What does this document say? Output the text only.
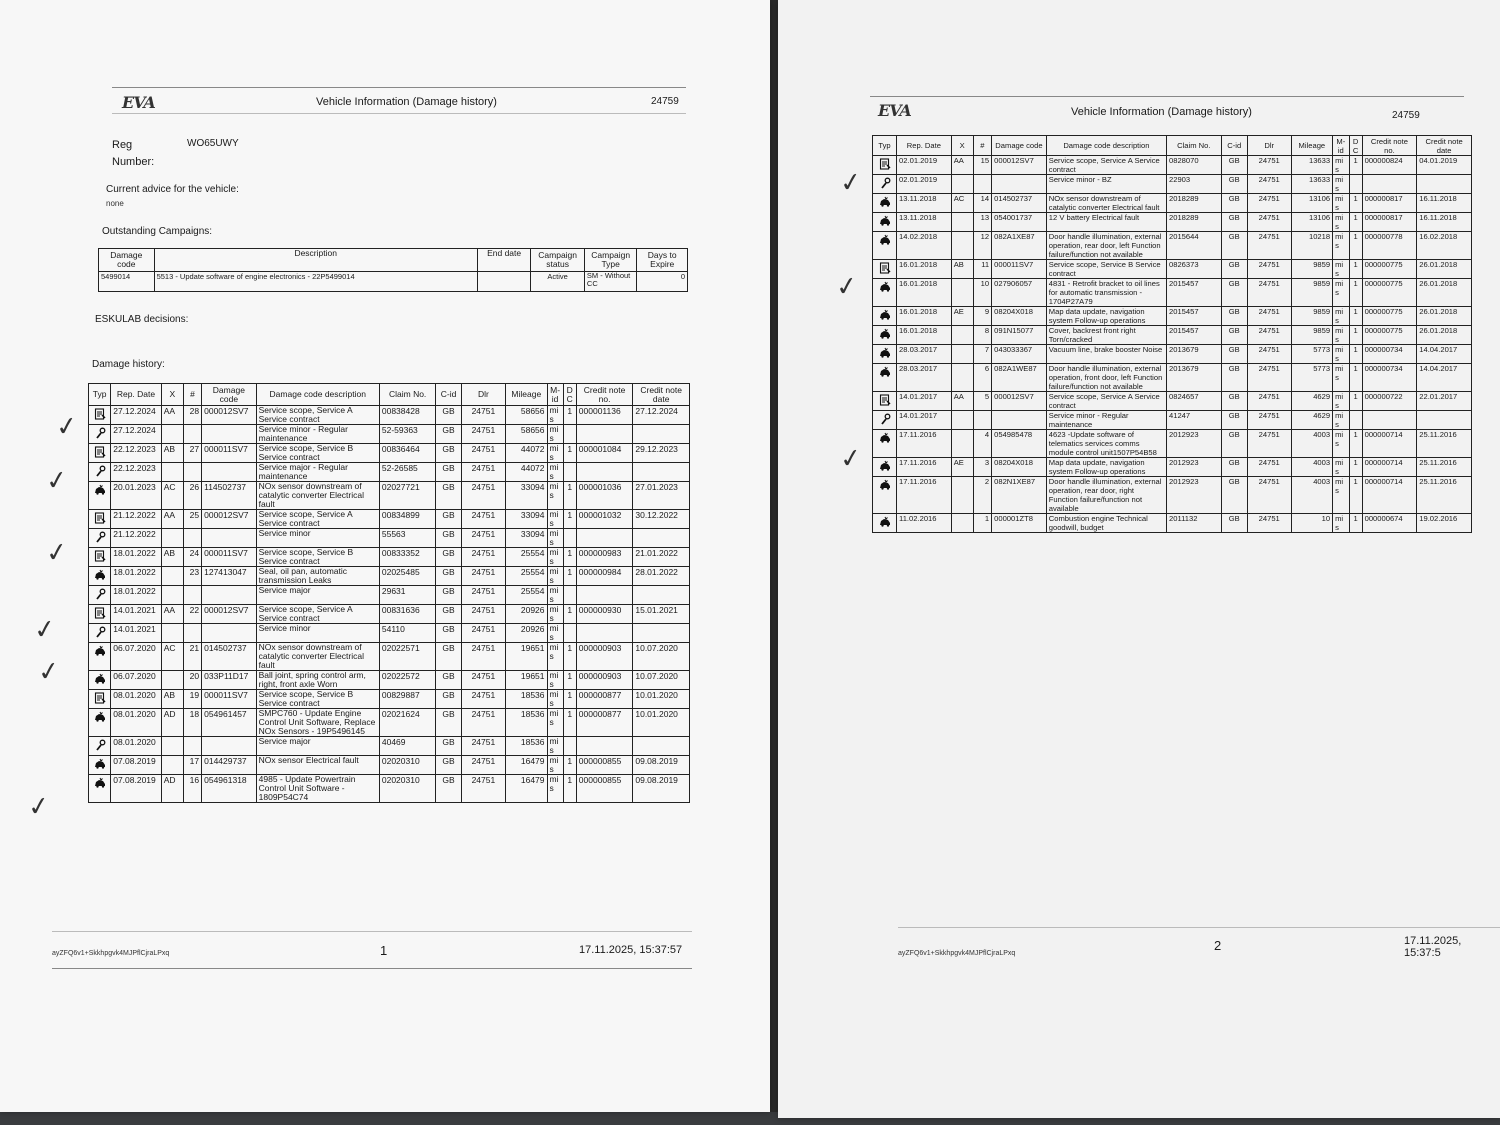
EVA	Vehicle Information (Damage history)	24759
Reg
Number:
WO65UWY
Current advice for the vehicle:
none
Outstanding Campaigns:
Damage code	Description	End date	Campaign status	Campaign Type	Days to Expire
5499014	5513 - Update software of engine electronics - 22P5499014		Active	SM - Without CC	0
ESKULAB decisions:
Damage history:
Typ	Rep. Date	X	#	Damage code	Damage code description	Claim No.	C-id	Dlr	Mileage	M-id	D C	Credit note no.	Credit note date

	27.12.2024	AA	28	000012SV7	Service scope, Service A Service contract	00838428	GB	24751	58656	mi s	1	000001136	27.12.2024

	27.12.2024				Service minor - Regular maintenance	52-59363	GB	24751	58656	mi s			

	22.12.2023	AB	27	000011SV7	Service scope, Service B Service contract	00836464	GB	24751	44072	mi s	1	000001084	29.12.2023

	22.12.2023				Service major - Regular maintenance	52-26585	GB	24751	44072	mi s			

	20.01.2023	AC	26	114502737	NOx sensor downstream of catalytic converter Electrical fault	02027721	GB	24751	33094	mi s	1	000001036	27.01.2023

	21.12.2022	AA	25	000012SV7	Service scope, Service A Service contract	00834899	GB	24751	33094	mi s	1	000001032	30.12.2022

	21.12.2022				Service minor	55563	GB	24751	33094	mi s			

	18.01.2022	AB	24	000011SV7	Service scope, Service B Service contract	00833352	GB	24751	25554	mi s	1	000000983	21.01.2022

	18.01.2022		23	127413047	Seal, oil pan, automatic transmission Leaks	02025485	GB	24751	25554	mi s	1	000000984	28.01.2022

	18.01.2022				Service major	29631	GB	24751	25554	mi s			

	14.01.2021	AA	22	000012SV7	Service scope, Service A Service contract	00831636	GB	24751	20926	mi s	1	000000930	15.01.2021

	14.01.2021				Service minor	54110	GB	24751	20926	mi s			

	06.07.2020	AC	21	014502737	NOx sensor downstream of catalytic converter Electrical fault	02022571	GB	24751	19651	mi s	1	000000903	10.07.2020

	06.07.2020		20	033P11D17	Ball joint, spring control arm, right, front axle Worn	02022572	GB	24751	19651	mi s	1	000000903	10.07.2020

	08.01.2020	AB	19	000011SV7	Service scope, Service B Service contract	00829887	GB	24751	18536	mi s	1	000000877	10.01.2020

	08.01.2020	AD	18	054961457	SMPC760 - Update Engine Control Unit Software, Replace NOx Sensors - 19P5496145	02021624	GB	24751	18536	mi s	1	000000877	10.01.2020

	08.01.2020				Service major	40469	GB	24751	18536	mi s			

	07.08.2019		17	014429737	NOx sensor Electrical fault	02020310	GB	24751	16479	mi s	1	000000855	09.08.2019

	07.08.2019	AD	16	054961318	4985 - Update Powertrain Control Unit Software - 1809P54C74	02020310	GB	24751	16479	mi s	1	000000855	09.08.2019
✓
✓
✓
✓
✓
✓
ayZFQ6v1+Skkhpgvk4MJPflCjraLPxq	1	17.11.2025, 15:37:57
EVA	Vehicle Information (Damage history)	24759
Typ	Rep. Date	X	#	Damage code	Damage code description	Claim No.	C-id	Dlr	Mileage	M-id	D C	Credit note no.	Credit note date

	02.01.2019	AA	15	000012SV7	Service scope, Service A Service contract	0828070	GB	24751	13633	mi s	1	000000824	04.01.2019

	02.01.2019				Service minor - BZ	22903	GB	24751	13633	mi s			

	13.11.2018	AC	14	014502737	NOx sensor downstream of catalytic converter Electrical fault	2018289	GB	24751	13106	mi s	1	000000817	16.11.2018

	13.11.2018		13	054001737	12 V battery Electrical fault	2018289	GB	24751	13106	mi s	1	000000817	16.11.2018

	14.02.2018		12	082A1XE87	Door handle illumination, external operation, rear door, left Function failure/function not available	2015644	GB	24751	10218	mi s	1	000000778	16.02.2018

	16.01.2018	AB	11	000011SV7	Service scope, Service B Service contract	0826373	GB	24751	9859	mi s	1	000000775	26.01.2018

	16.01.2018		10	027906057	4831 - Retrofit bracket to oil lines for automatic transmission - 1704P27A79	2015457	GB	24751	9859	mi s	1	000000775	26.01.2018

	16.01.2018	AE	9	08204X018	Map data update, navigation system Follow-up operations	2015457	GB	24751	9859	mi s	1	000000775	26.01.2018

	16.01.2018		8	091N15077	Cover, backrest front right Torn/cracked	2015457	GB	24751	9859	mi s	1	000000775	26.01.2018

	28.03.2017		7	043033367	Vacuum line, brake booster Noise	2013679	GB	24751	5773	mi s	1	000000734	14.04.2017

	28.03.2017		6	082A1WE87	Door handle illumination, external operation, front door, left Function failure/function not available	2013679	GB	24751	5773	mi s	1	000000734	14.04.2017

	14.01.2017	AA	5	000012SV7	Service scope, Service A Service contract	0824657	GB	24751	4629	mi s	1	000000722	22.01.2017

	14.01.2017				Service minor - Regular maintenance	41247	GB	24751	4629	mi s			

	17.11.2016		4	054985478	4623 -Update software of telematics services comms module control unit1507P54B58	2012923	GB	24751	4003	mi s	1	000000714	25.11.2016

	17.11.2016	AE	3	08204X018	Map data update, navigation system Follow-up operations	2012923	GB	24751	4003	mi s	1	000000714	25.11.2016

	17.11.2016		2	082N1XE87	Door handle illumination, external operation, rear door, right Function failure/function not available	2012923	GB	24751	4003	mi s	1	000000714	25.11.2016

	11.02.2016		1	000001ZT8	Combustion engine Technical goodwill, budget	2011132	GB	24751	10	mi s	1	000000674	19.02.2016
✓
✓
✓
ayZFQ6v1+Skkhpgvk4MJPflCjraLPxq
2	17.11.2025, 15:37:5
